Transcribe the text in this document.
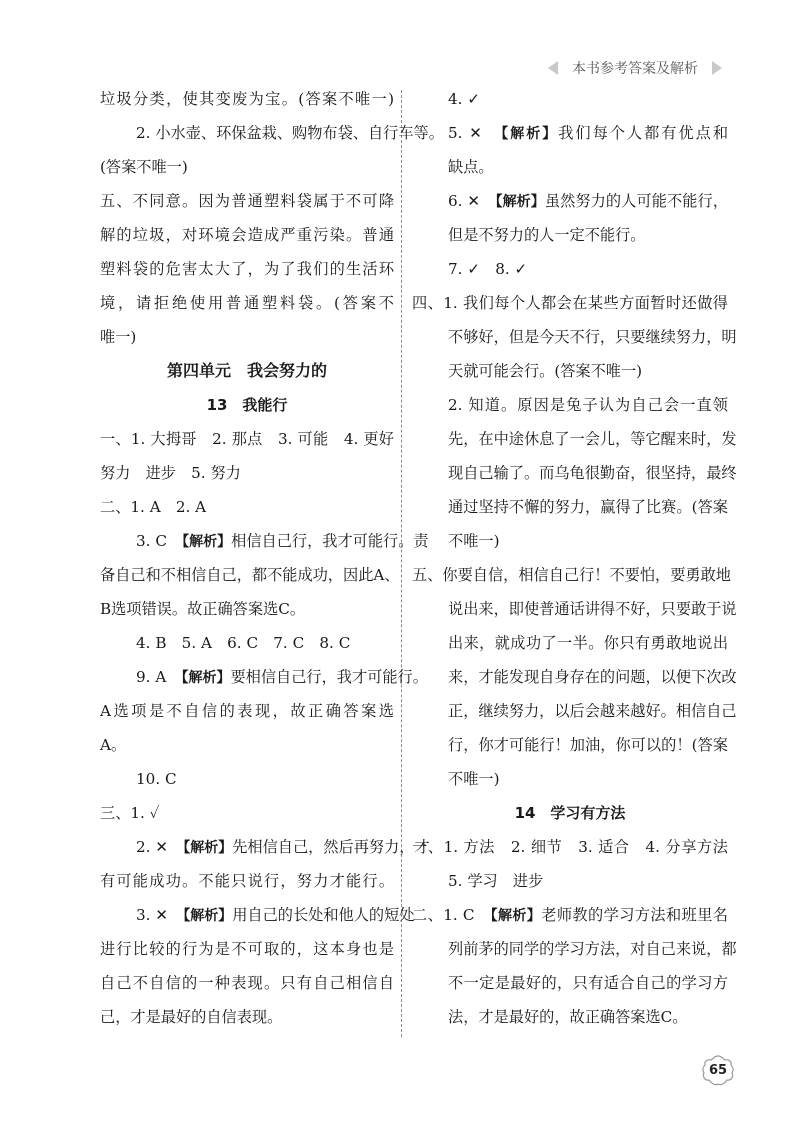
本书参考答案及解析
垃圾分类，使其变废为宝。(答案不唯一)
2. 小水壶、环保盆栽、购物布袋、自行车等。
(答案不唯一)
五、不同意。因为普通塑料袋属于不可降
解的垃圾，对环境会造成严重污染。普通
塑料袋的危害太大了，为了我们的生活环
境，请拒绝使用普通塑料袋。(答案不
唯一)
第四单元　我会努力的
13　我能行
一、1. 大拇哥　2. 那点　3. 可能　4. 更好
努力　进步　5. 努力
二、1. A　2. A
3. C　【解析】相信自己行，我才可能行。责
备自己和不相信自己，都不能成功，因此A、
B选项错误。故正确答案选C。
4. B　5. A　6. C　7. C　8. C
9. A　【解析】要相信自己行，我才可能行。
A选项是不自信的表现，故正确答案选
A。
10. C
三、1. ✓
2. ✕　【解析】先相信自己，然后再努力，才
有可能成功。不能只说行，努力才能行。
3. ✕　【解析】用自己的长处和他人的短处
进行比较的行为是不可取的，这本身也是
自己不自信的一种表现。只有自己相信自
己，才是最好的自信表现。
4. ✓
5. ✕　【解析】我们每个人都有优点和
缺点。
6. ✕　【解析】虽然努力的人可能不能行，
但是不努力的人一定不能行。
7. ✓　8. ✓
四、1. 我们每个人都会在某些方面暂时还做得
不够好，但是今天不行，只要继续努力，明
天就可能会行。(答案不唯一)
2. 知道。原因是兔子认为自己会一直领
先，在中途休息了一会儿，等它醒来时，发
现自己输了。而乌龟很勤奋，很坚持，最终
通过坚持不懈的努力，赢得了比赛。(答案
不唯一)
五、你要自信，相信自己行！不要怕，要勇敢地
说出来，即使普通话讲得不好，只要敢于说
出来，就成功了一半。你只有勇敢地说出
来，才能发现自身存在的问题，以便下次改
正，继续努力，以后会越来越好。相信自己
行，你才可能行！加油，你可以的！(答案
不唯一)
14　学习有方法
一、1. 方法　2. 细节　3. 适合　4. 分享方法
5. 学习　进步
二、1. C　【解析】老师教的学习方法和班里名
列前茅的同学的学习方法，对自己来说，都
不一定是最好的，只有适合自己的学习方
法，才是最好的，故正确答案选C。
65
